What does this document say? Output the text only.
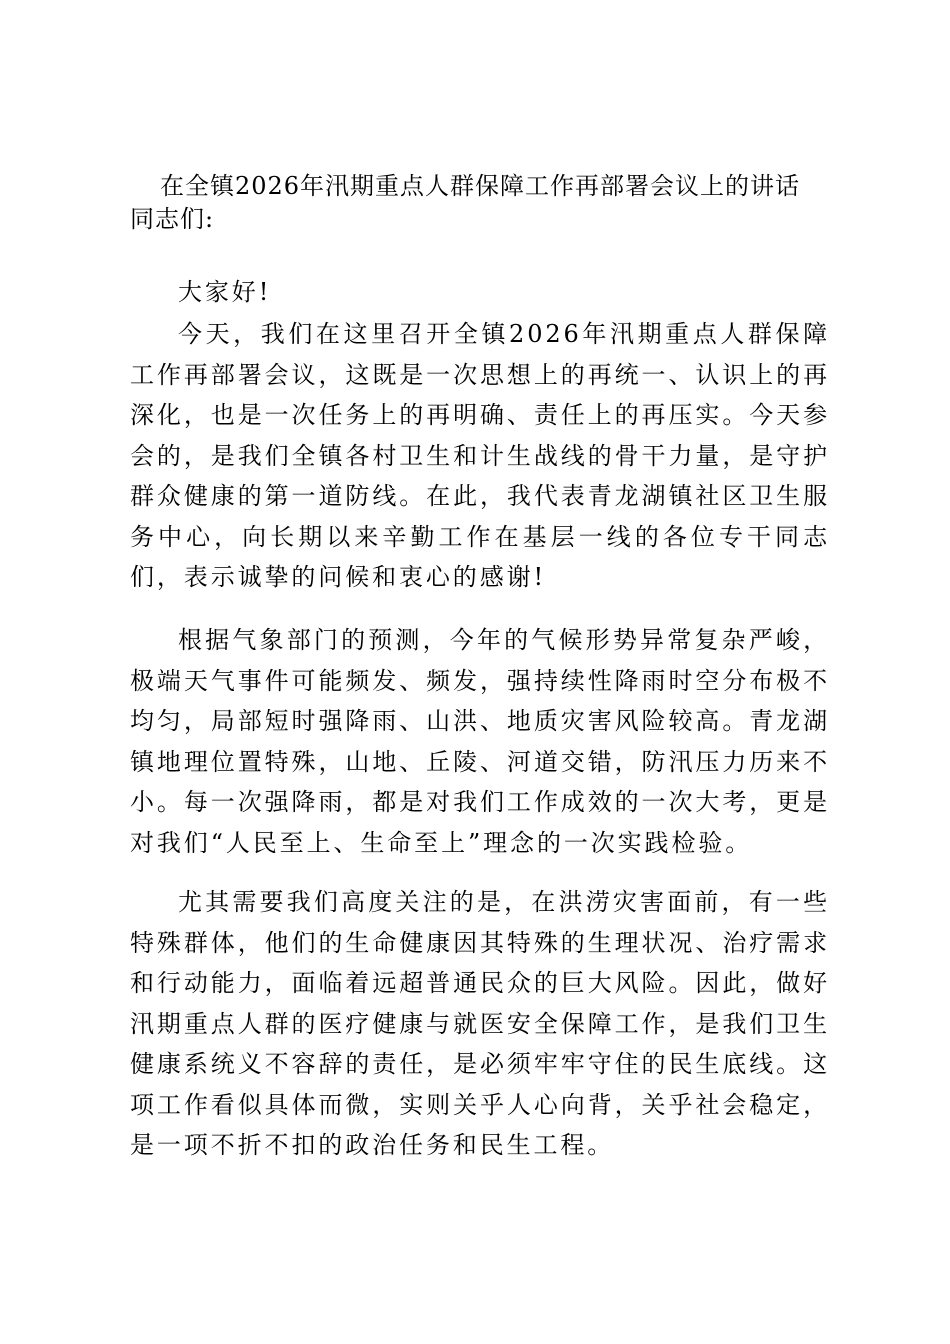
在全镇2026年汛期重点人群保障工作再部署会议上的讲话

同志们:

大家好!

今天，我们在这里召开全镇2026年汛期重点人群保障工作再部署会议，这既是一次思想上的再统一、认识上的再深化，也是一次任务上的再明确、责任上的再压实。今天参会的，是我们全镇各村卫生和计生战线的骨干力量，是守护群众健康的第一道防线。在此，我代表青龙湖镇社区卫生服务中心，向长期以来辛勤工作在基层一线的各位专干同志们，表示诚挚的问候和衷心的感谢!

根据气象部门的预测，今年的气候形势异常复杂严峻，极端天气事件可能频发、频发，强持续性降雨时空分布极不均匀，局部短时强降雨、山洪、地质灾害风险较高。青龙湖镇地理位置特殊，山地、丘陵、河道交错，防汛压力历来不小。每一次强降雨，都是对我们工作成效的一次大考，更是对我们“人民至上、生命至上”理念的一次实践检验。

尤其需要我们高度关注的是，在洪涝灾害面前，有一些特殊群体，他们的生命健康因其特殊的生理状况、治疗需求和行动能力，面临着远超普通民众的巨大风险。因此，做好汛期重点人群的医疗健康与就医安全保障工作，是我们卫生健康系统义不容辞的责任，是必须牢牢守住的民生底线。这项工作看似具体而微，实则关乎人心向背，关乎社会稳定，是一项不折不扣的政治任务和民生工程。
